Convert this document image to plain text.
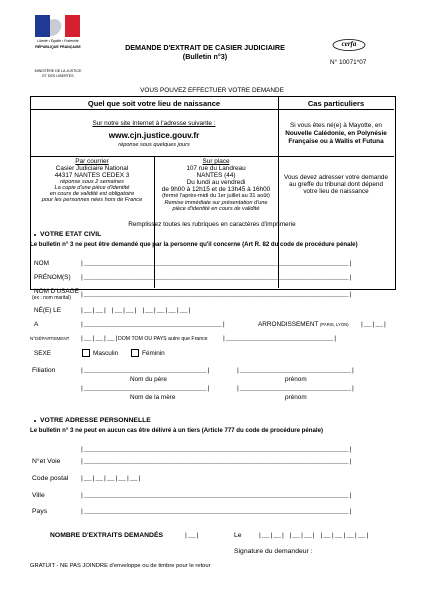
Liberté • Égalité • Fraternité
RÉPUBLIQUE FRANÇAISE
MINISTÈRE DE LA JUSTICE
ET DES LIBERTÉS
DEMANDE D'EXTRAIT DE CASIER JUDICIAIRE
(Bulletin n°3)
cerfa
N° 10071*07
VOUS POUVEZ EFFECTUER VOTRE DEMANDE
Quel que soit votre lieu de naissance	Cas particuliers
Sur notre site Internet à l'adresse suivante :
www.cjn.justice.gouv.fr
réponse sous quelques jours
Par courrier
Casier Judiciaire National
44317 NANTES CEDEX 3
réponse sous 2 semaines
La copie d'une pièce d'identité
en cours de validité est obligatoire
pour les personnes nées hors de France
Sur place
107 rue du Landreau
NANTES (44)
Du lundi au vendredi
de 9h00 à 12h15 et de 13h45 à 16h00
(fermé l'après-midi du 1er juillet au 31 août)
Remise immédiate sur présentation d'une
pièce d'identité en cours de validité
Si vous êtes né(e) à Mayotte, en
Nouvelle Calédonie, en Polynésie
Française ou à Wallis et Futuna
Vous devez adresser votre demande
au greffe du tribunal dont dépend
votre lieu de naissance
Remplissez toutes les rubriques en caractères d'imprimerie
VOTRE ETAT CIVIL
Le bulletin n° 3 ne peut être demandé que par la personne qu'il concerne (Art R. 82 du code de procédure pénale)
NOM	|_____________________________________________________________________|
PRÉNOM(S) |_____________________________________________________________________|
NOM D'USAGE
(ex : nom marital) |_____________________________________________________________________|
NÉ(E) LE	|__|__| |__|__| |__|__|__|__|
A	|____________________________________|	ARRONDISSEMENT (PARIS, LYON) |__|__|
N°DÉPARTEMENT |__|__|__| DOM TOM OU PAYS autre que France |____________________________|
SEXE	Masculin	Féminin
Filiation	|________________________________|	|_____________________________|
Nom du père	prénom
|________________________________|	|_____________________________|
Nom de la mère	prénom
VOTRE ADRESSE PERSONNELLE
Le bulletin n° 3 ne peut en aucun cas être délivré à un tiers (Article 777 du code de procédure pénale)
|_____________________________________________________________________|
N°et Voie	|_____________________________________________________________________|
Code postal |__|__|__|__|__|
Ville	|_____________________________________________________________________|
Pays	|_____________________________________________________________________|
NOMBRE D'EXTRAITS DEMANDÉS	|__|	Le	|__|__| |__|__| |__|__|__|__|
Signature du demandeur :
GRATUIT - NE PAS JOINDRE d'enveloppe ou de timbre pour le retour
